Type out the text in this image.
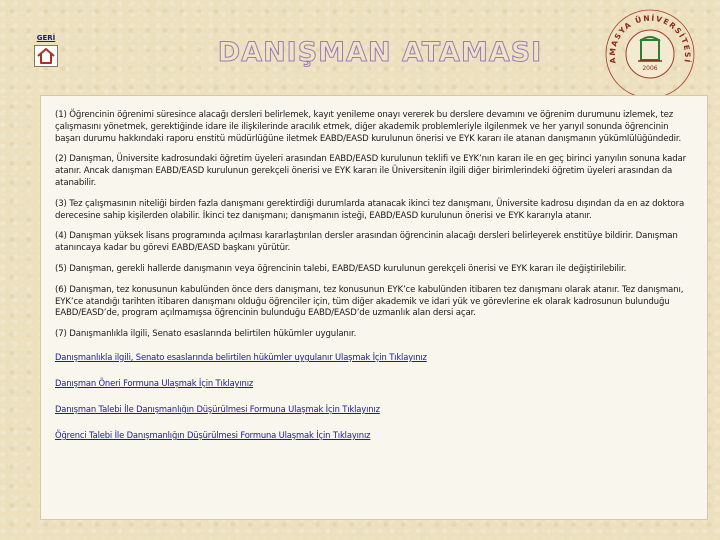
GERİ	DANIŞMAN ATAMASI	AMASYA ÜNİVERSİTESİ
2006

(1) Öğrencinin öğrenimi süresince alacağı dersleri belirlemek, kayıt yenileme onayı vererek bu derslere devamını ve öğrenim durumunu izlemek, tez çalışmasını yönetmek, gerektiğinde idare ile ilişkilerinde aracılık etmek, diğer akademik problemleriyle ilgilenmek ve her yarıyıl sonunda öğrencinin başarı durumu hakkındaki raporu enstitü müdürlüğüne iletmek EABD/EASD kurulunun önerisi ve EYK kararı ile atanan danışmanın yükümlülüğündedir.

(2) Danışman, Üniversite kadrosundaki öğretim üyeleri arasından EABD/EASD kurulunun teklifi ve EYK’nın kararı ile en geç birinci yarıyılın sonuna kadar atanır. Ancak danışman EABD/EASD kurulunun gerekçeli önerisi ve EYK kararı ile Üniversitenin ilgili diğer birimlerindeki öğretim üyeleri arasından da atanabilir.

(3) Tez çalışmasının niteliği birden fazla danışmanı gerektirdiği durumlarda atanacak ikinci tez danışmanı, Üniversite kadrosu dışından da en az doktora derecesine sahip kişilerden olabilir. İkinci tez danışmanı; danışmanın isteği, EABD/EASD kurulunun önerisi ve EYK kararıyla atanır.

(4) Danışman yüksek lisans programında açılması kararlaştırılan dersler arasından öğrencinin alacağı dersleri belirleyerek enstitüye bildirir. Danışman atanıncaya kadar bu görevi EABD/EASD başkanı yürütür.

(5) Danışman, gerekli hallerde danışmanın veya öğrencinin talebi, EABD/EASD kurulunun gerekçeli önerisi ve EYK kararı ile değiştirilebilir.

(6) Danışman, tez konusunun kabulünden önce ders danışmanı, tez konusunun EYK’ce kabulünden itibaren tez danışmanı olarak atanır. Tez danışmanı, EYK’ce atandığı tarihten itibaren danışmanı olduğu öğrenciler için, tüm diğer akademik ve idari yük ve görevlerine ek olarak kadrosunun bulunduğu EABD/EASD’de, program açılmamışsa öğrencinin bulunduğu EABD/EASD’de uzmanlık alan dersi açar.

(7) Danışmanlıkla ilgili, Senato esaslarında belirtilen hükümler uygulanır.

Danışmanlıkla ilgili, Senato esaslarında belirtilen hükümler uygulanır Ulaşmak İçin Tıklayınız
Danışman Öneri Formuna Ulaşmak İçin Tıklayınız
Danışman Talebi İle Danışmanlığın Düşürülmesi Formuna Ulaşmak İçin Tıklayınız
Öğrenci Talebi İle Danışmanlığın Düşürülmesi Formuna Ulaşmak İçin Tıklayınız
